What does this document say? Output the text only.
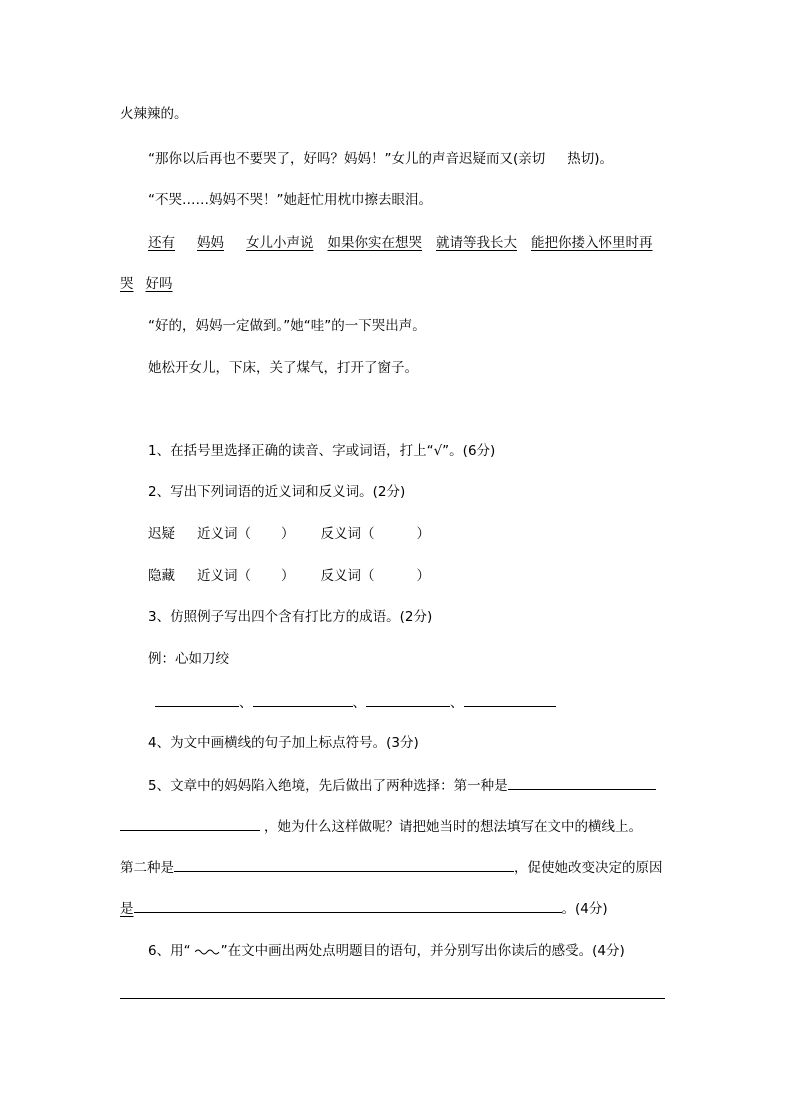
火辣辣的。
“那你以后再也不要哭了，好吗？妈妈！”女儿的声音迟疑而又(亲切 热切)。
“不哭……妈妈不哭！”她赶忙用枕巾擦去眼泪。
还有 妈妈 女儿小声说 如果你实在想哭 就请等我长大 能把你搂入怀里时再
哭 好吗
“好的，妈妈一定做到。”她“哇”的一下哭出声。
她松开女儿，下床，关了煤气，打开了窗子。
1、在括号里选择正确的读音、字或词语，打上“√”。(6分)
2、写出下列词语的近义词和反义词。(2分)
迟疑 近义词（ ） 反义词（	）
隐藏 近义词（ ） 反义词（	）
3、仿照例子写出四个含有打比方的成语。(2分)
例：心如刀绞
、	、	、
4、为文中画横线的句子加上标点符号。(3分)
5、文章中的妈妈陷入绝境，先后做出了两种选择：第一种是
，她为什么这样做呢？请把她当时的想法填写在文中的横线上。
第二种是	，促使她改变决定的原因
是	。(4分)
6、用“ ”在文中画出两处点明题目的语句，并分别写出你读后的感受。(4分)
